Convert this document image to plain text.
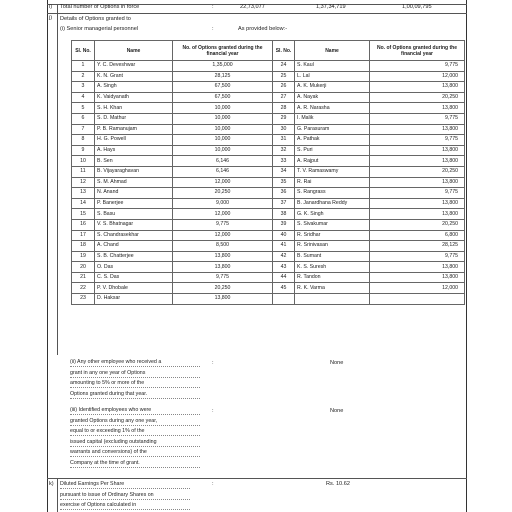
i) Total number of Options in force	:	22,73,077	1,37,34,719	1,00,09,795
j) Details of Options granted to
(i) Senior managerial personnel	:	As provided below:-
Sl. No.	Name	No. of Options granted during the financial year	Sl. No.	Name	No. of Options granted during the financial year
1	Y. C. Deveshwar	1,35,000	24	S. Kaul	9,775
2	K. N. Grant	28,125	25	L. Lal	12,000
3	A. Singh	67,500	26	A. K. Mukerji	13,800
4	K. Vaidyanath	67,500	27	A. Nayak	20,250
5	S. H. Khan	10,000	28	A. R. Narasha	13,800
6	S. D. Mathur	10,000	29	I. Malik	9,775
7	P. B. Ramanujam	10,000	30	G. Parasuram	13,800
8	H. G. Powell	10,000	31	A. Pathak	9,775
9	A. Hays	10,000	32	S. Puri	13,800
10	B. Sen	6,146	33	A. Rajput	13,800
11	B. Vijayaraghavan	6,146	34	T. V. Ramaswamy	20,250
12	S. M. Ahmad	12,000	35	R. Rai	13,800
13	N. Anand	20,250	36	S. Rangrass	9,775
14	P. Banerjee	9,000	37	B. Janardhana Reddy	13,800
15	S. Basu	12,000	38	G. K. Singh	13,800
16	V. S. Bhatnagar	9,775	39	S. Sivakumar	20,250
17	S. Chandrasekhar	12,000	40	R. Sridhar	6,800
18	A. Chand	8,500	41	R. Srinivasan	28,125
19	S. B. Chatterjee	13,800	42	B. Sumant	9,775
20	O. Das	13,800	43	K. S. Suresh	13,800
21	C. S. Das	9,775	44	R. Tandon	13,800
22	P. V. Dhobale	20,250	45	R. K. Varma	12,000
23	D. Haksar	13,800			
(ii) Any other employee who received a
grant in any one year of Options
amounting to 5% or more of the
Options granted during that year.
:	None
(iii) Identified employees who were
granted Options during any one year,
equal to or exceeding 1% of the
issued capital (excluding outstanding
warrants and conversions) of the
Company at the time of grant.
:	None
k) Diluted Earnings Per Share
pursuant to issue of Ordinary Shares on
exercise of Options calculated in
:	Rs. 10.62
